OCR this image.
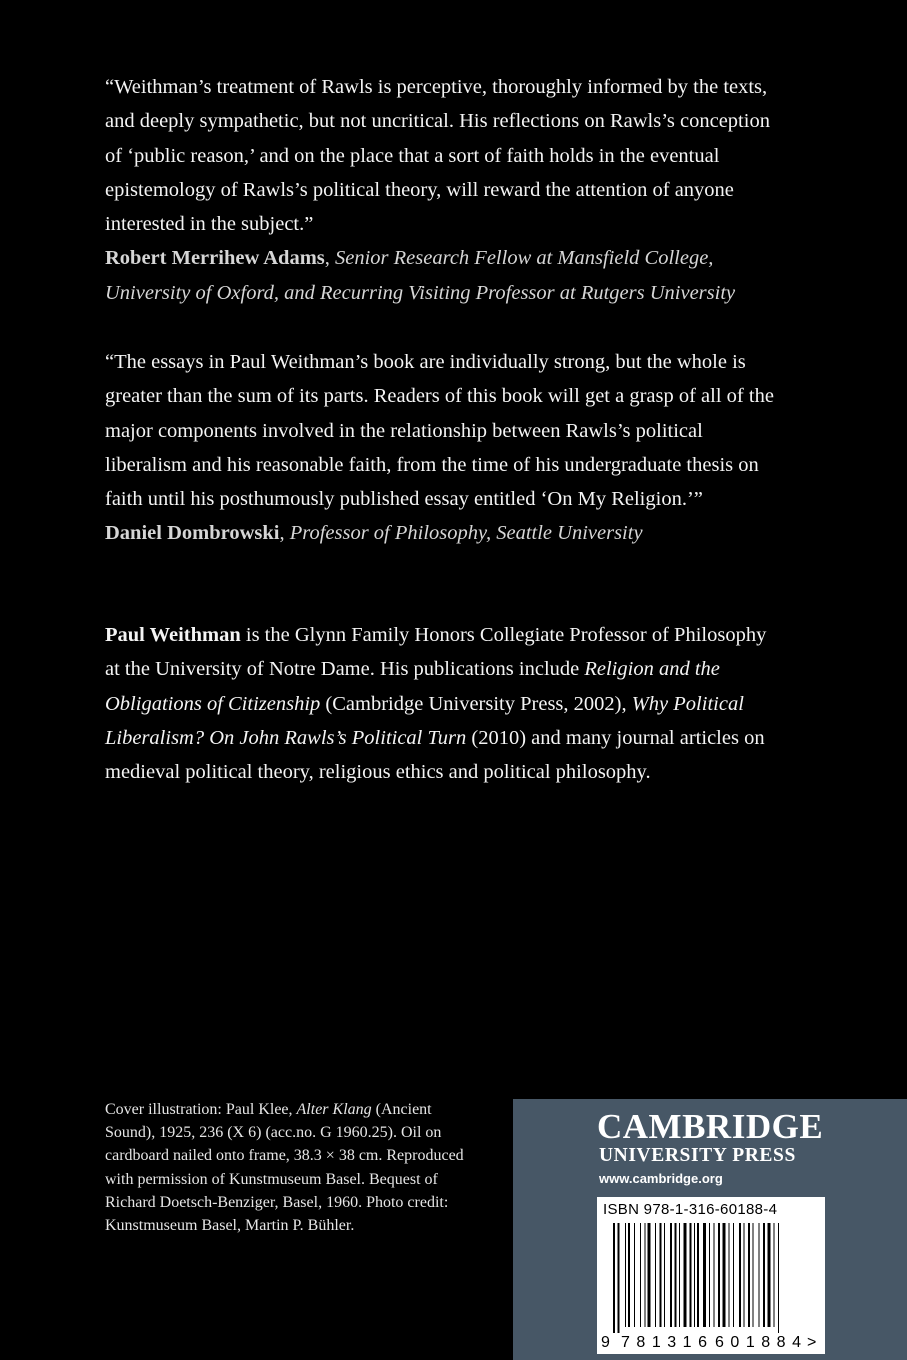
“Weithman’s treatment of Rawls is perceptive, thoroughly informed by the texts, and deeply sympathetic, but not uncritical. His reflections on Rawls’s conception of ‘public reason,’ and on the place that a sort of faith holds in the eventual epistemology of Rawls’s political theory, will reward the attention of anyone interested in the subject.”

Robert Merrihew Adams, Senior Research Fellow at Mansfield College, University of Oxford, and Recurring Visiting Professor at Rutgers University

“The essays in Paul Weithman’s book are individually strong, but the whole is greater than the sum of its parts. Readers of this book will get a grasp of all of the major components involved in the relationship between Rawls’s political liberalism and his reasonable faith, from the time of his undergraduate thesis on faith until his posthumously published essay entitled ‘On My Religion.’”

Daniel Dombrowski, Professor of Philosophy, Seattle University

Paul Weithman is the Glynn Family Honors Collegiate Professor of Philosophy at the University of Notre Dame. His publications include Religion and the Obligations of Citizenship (Cambridge University Press, 2002), Why Political Liberalism? On John Rawls’s Political Turn (2010) and many journal articles on medieval political theory, religious ethics and political philosophy.

Cover illustration: Paul Klee, Alter Klang (Ancient Sound), 1925, 236 (X 6) (acc.no. G 1960.25). Oil on cardboard nailed onto frame, 38.3 × 38 cm. Reproduced with permission of Kunstmuseum Basel. Bequest of Richard Doetsch-Benziger, Basel, 1960. Photo credit: Kunstmuseum Basel, Martin P. Bühler.
CAMBRIDGE
UNIVERSITY PRESS
www.cambridge.org
ISBN 978-1-316-60188-4
9 781316 601884 >
